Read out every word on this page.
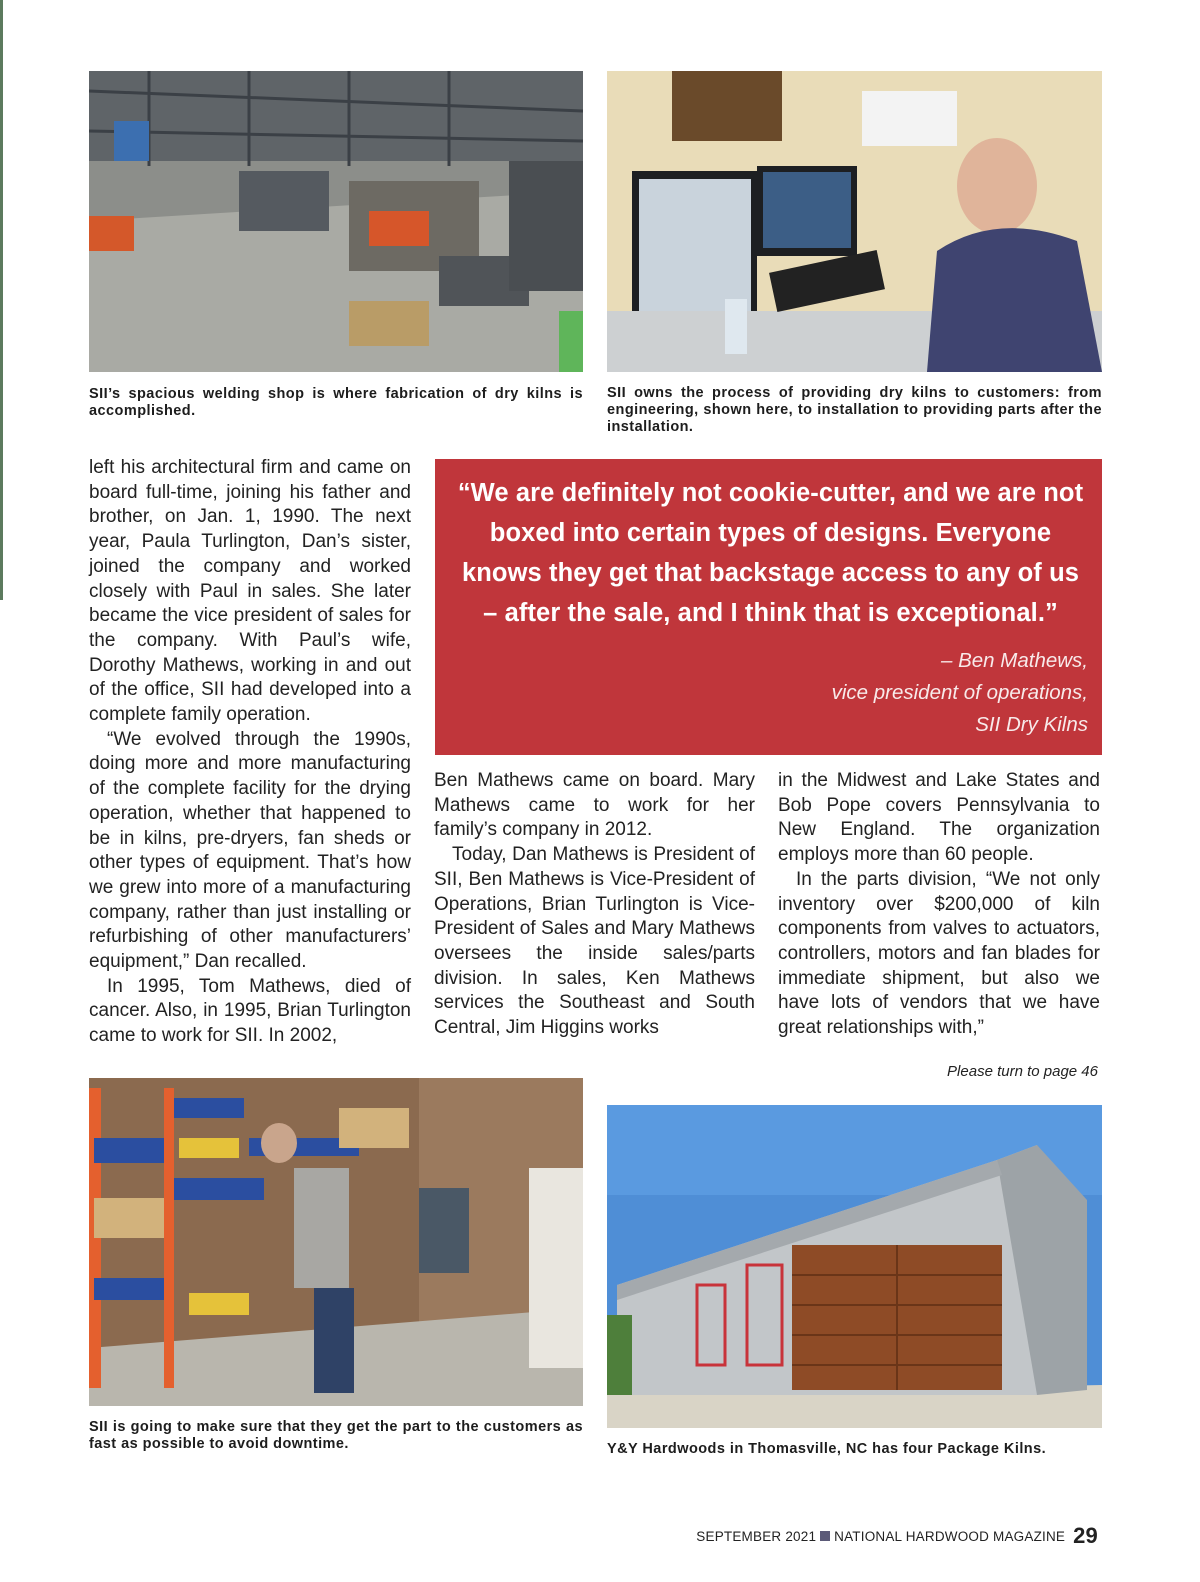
SII’s spacious welding shop is where fabrication of dry kilns is accomplished.
SII owns the process of providing dry kilns to customers: from engineering, shown here, to installation to providing parts after the installation.

left his architectural firm and came on board full-time, joining his father and brother, on Jan. 1, 1990. The next year, Paula Turlington, Dan’s sister, joined the company and worked closely with Paul in sales. She later became the vice president of sales for the company. With Paul’s wife, Dorothy Mathews, working in and out of the office, SII had developed into a complete family operation.

“We evolved through the 1990s, doing more and more manufacturing of the complete facility for the drying operation, whether that happened to be in kilns, pre-dryers, fan sheds or other types of equipment. That’s how we grew into more of a manufacturing company, rather than just installing or refurbishing of other manufacturers’ equipment,” Dan recalled.

In 1995, Tom Mathews, died of cancer. Also, in 1995, Brian Turlington came to work for SII. In 2002,

“We are definitely not cookie-cutter, and we are not boxed into certain types of designs. Everyone knows they get that backstage access to any of us – after the sale, and I think that is exceptional.”
– Ben Mathews,
vice president of operations,
SII Dry Kilns

Ben Mathews came on board. Mary Mathews came to work for her family’s company in 2012.

Today, Dan Mathews is President of SII, Ben Mathews is Vice-President of Operations, Brian Turlington is Vice-President of Sales and Mary Mathews oversees the inside sales/parts division. In sales, Ken Mathews services the Southeast and South Central, Jim Higgins works

in the Midwest and Lake States and Bob Pope covers Pennsylvania to New England. The organization employs more than 60 people.

In the parts division, “We not only inventory over $200,000 of kiln components from valves to actuators, controllers, motors and fan blades for immediate shipment, but also we have lots of vendors that we have great relationships with,”

Please turn to page 46
SII is going to make sure that they get the part to the customers as fast as possible to avoid downtime.	Y&Y Hardwoods in Thomasville, NC has four Package Kilns.
SEPTEMBER 2021 NATIONAL HARDWOOD MAGAZINE 29
